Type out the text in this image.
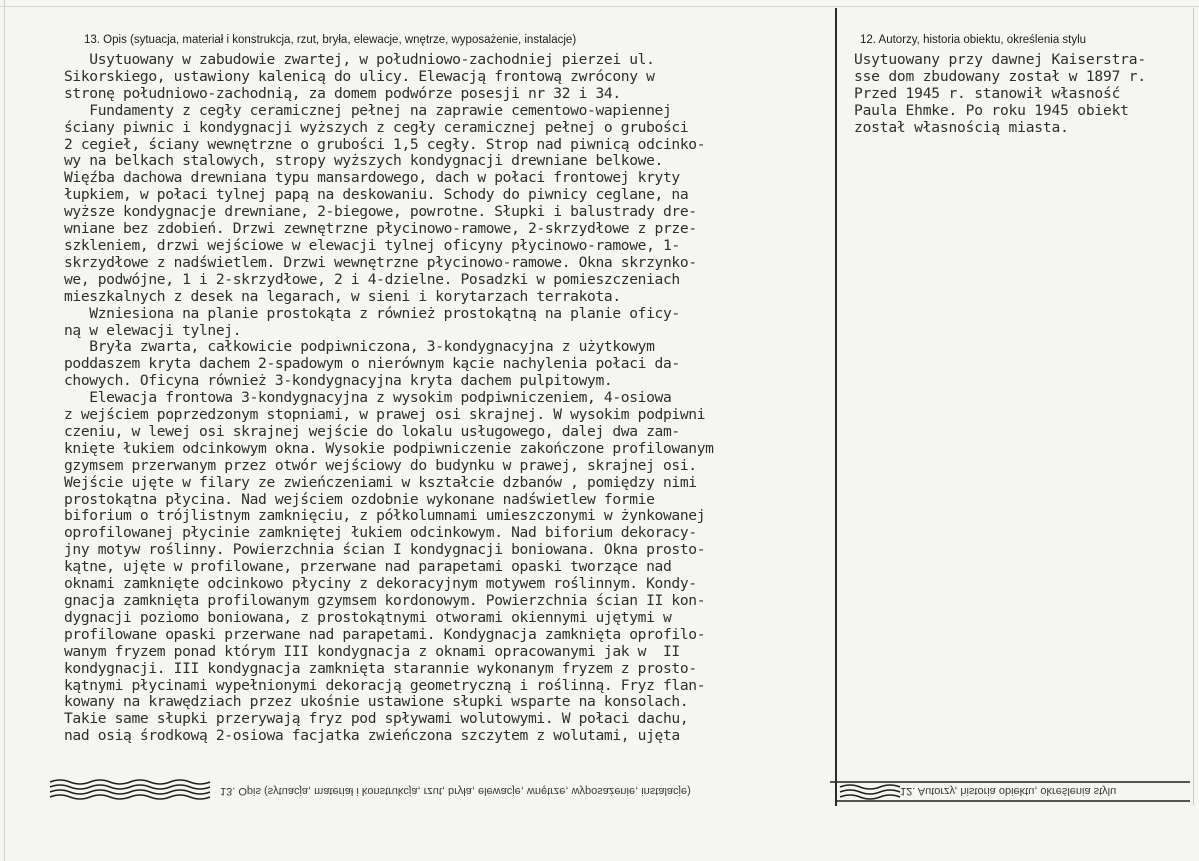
13. Opis (sytuacja, materiał i konstrukcja, rzut, bryła, elewacje, wnętrze, wyposażenie, instalacje)

Usytuowany w zabudowie zwartej, w południowo-zachodniej pierzei ul.
Sikorskiego, ustawiony kalenicą do ulicy. Elewacją frontową zwrócony w
stronę południowo-zachodnią, za domem podwórze posesji nr 32 i 34.
Fundamenty z cegły ceramicznej pełnej na zaprawie cementowo-wapiennej
ściany piwnic i kondygnacji wyższych z cegły ceramicznej pełnej o grubości
2 cegieł, ściany wewnętrzne o grubości 1,5 cegły. Strop nad piwnicą odcinko-
wy na belkach stalowych, stropy wyższych kondygnacji drewniane belkowe.
Więźba dachowa drewniana typu mansardowego, dach w połaci frontowej kryty
łupkiem, w połaci tylnej papą na deskowaniu. Schody do piwnicy ceglane, na
wyższe kondygnacje drewniane, 2-biegowe, powrotne. Słupki i balustrady dre-
wniane bez zdobień. Drzwi zewnętrzne płycinowo-ramowe, 2-skrzydłowe z prze-
szkleniem, drzwi wejściowe w elewacji tylnej oficyny płycinowo-ramowe, 1-
skrzydłowe z nadświetlem. Drzwi wewnętrzne płycinowo-ramowe. Okna skrzynko-
we, podwójne, 1 i 2-skrzydłowe, 2 i 4-dzielne. Posadzki w pomieszczeniach
mieszkalnych z desek na legarach, w sieni i korytarzach terrakota.
Wzniesiona na planie prostokąta z również prostokątną na planie oficy-
ną w elewacji tylnej.
Bryła zwarta, całkowicie podpiwniczona, 3-kondygnacyjna z użytkowym
poddaszem kryta dachem 2-spadowym o nierównym kącie nachylenia połaci da-
chowych. Oficyna również 3-kondygnacyjna kryta dachem pulpitowym.
Elewacja frontowa 3-kondygnacyjna z wysokim podpiwniczeniem, 4-osiowa
z wejściem poprzedzonym stopniami, w prawej osi skrajnej. W wysokim podpiwni
czeniu, w lewej osi skrajnej wejście do lokalu usługowego, dalej dwa zam-
knięte łukiem odcinkowym okna. Wysokie podpiwniczenie zakończone profilowanym
gzymsem przerwanym przez otwór wejściowy do budynku w prawej, skrajnej osi.
Wejście ujęte w filary ze zwieńczeniami w kształcie dzbanów , pomiędzy nimi
prostokątna płycina. Nad wejściem ozdobnie wykonane nadświetlew formie
biforium o trójlistnym zamknięciu, z półkolumnami umieszczonymi w żynkowanej
oprofilowanej płycinie zamkniętej łukiem odcinkowym. Nad biforium dekoracy-
jny motyw roślinny. Powierzchnia ścian I kondygnacji boniowana. Okna prosto-
kątne, ujęte w profilowane, przerwane nad parapetami opaski tworzące nad
oknami zamknięte odcinkowo płyciny z dekoracyjnym motywem roślinnym. Kondy-
gnacja zamknięta profilowanym gzymsem kordonowym. Powierzchnia ścian II kon-
dygnacji poziomo boniowana, z prostokątnymi otworami okiennymi ujętymi w
profilowane opaski przerwane nad parapetami. Kondygnacja zamknięta oprofilo-
wanym fryzem ponad którym III kondygnacja z oknami opracowanymi jak w  II
kondygnacji. III kondygnacja zamknięta starannie wykonanym fryzem z prosto-
kątnymi płycinami wypełnionymi dekoracją geometryczną i roślinną. Fryz flan-
kowany na krawędziach przez ukośnie ustawione słupki wsparte na konsolach.
Takie same słupki przerywają fryz pod spływami wolutowymi. W połaci dachu,
nad osią środkową 2-osiowa facjatka zwieńczona szczytem z wolutami, ujęta

12. Autorzy, historia obiektu, określenia stylu

Usytuowany przy dawnej Kaiserstra-
sse dom zbudowany został w 1897 r.
Przed 1945 r. stanowił własność
Paula Ehmke. Po roku 1945 obiekt
został własnością miasta.

13. Opis (sytuacja, materiał i konstrukcja, rzut, bryła, elewacje, wnętrze, wyposażenie, instalacje)	12. Autorzy, historia obiektu, określenia stylu
